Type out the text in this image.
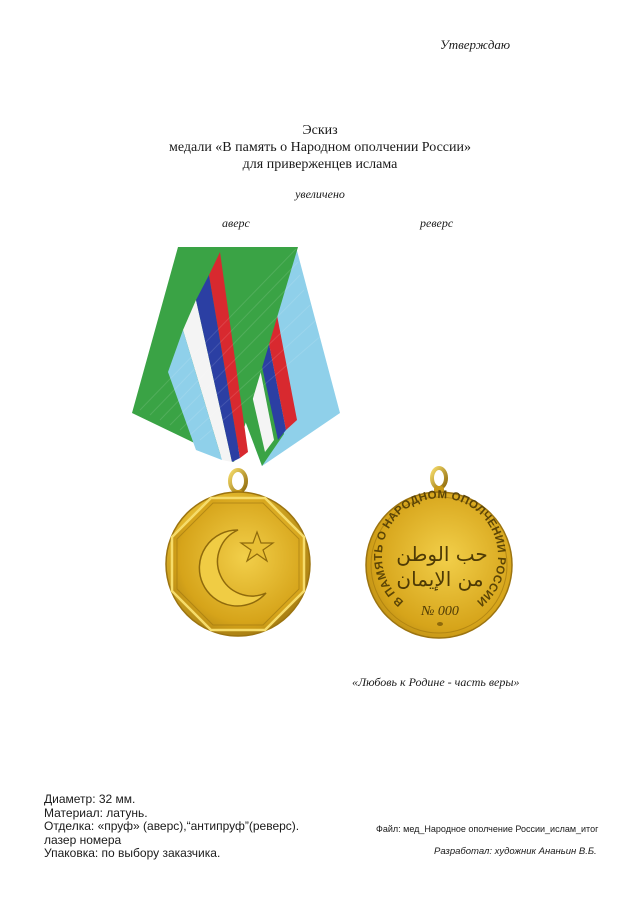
Утверждаю
Эскиз
медали «В память о Народном ополчении России»
для приверженцев ислама
увеличено
аверс	реверс
В ПАМЯТЬ О НАРОДНОМ ОПОЛЧЕНИИ РОССИИ
حب الوطن
من الإيمان
№ 000
«Любовь к Родине - часть веры»
Диаметр: 32 мм.
Материал: латунь.
Отделка: «пруф» (аверс),“антипруф”(реверс).
лазер номера
Упаковка: по выбору заказчика.
Файл: мед_Народное ополчение России_ислам_итог
Разработал: художник Ананьин В.Б.
